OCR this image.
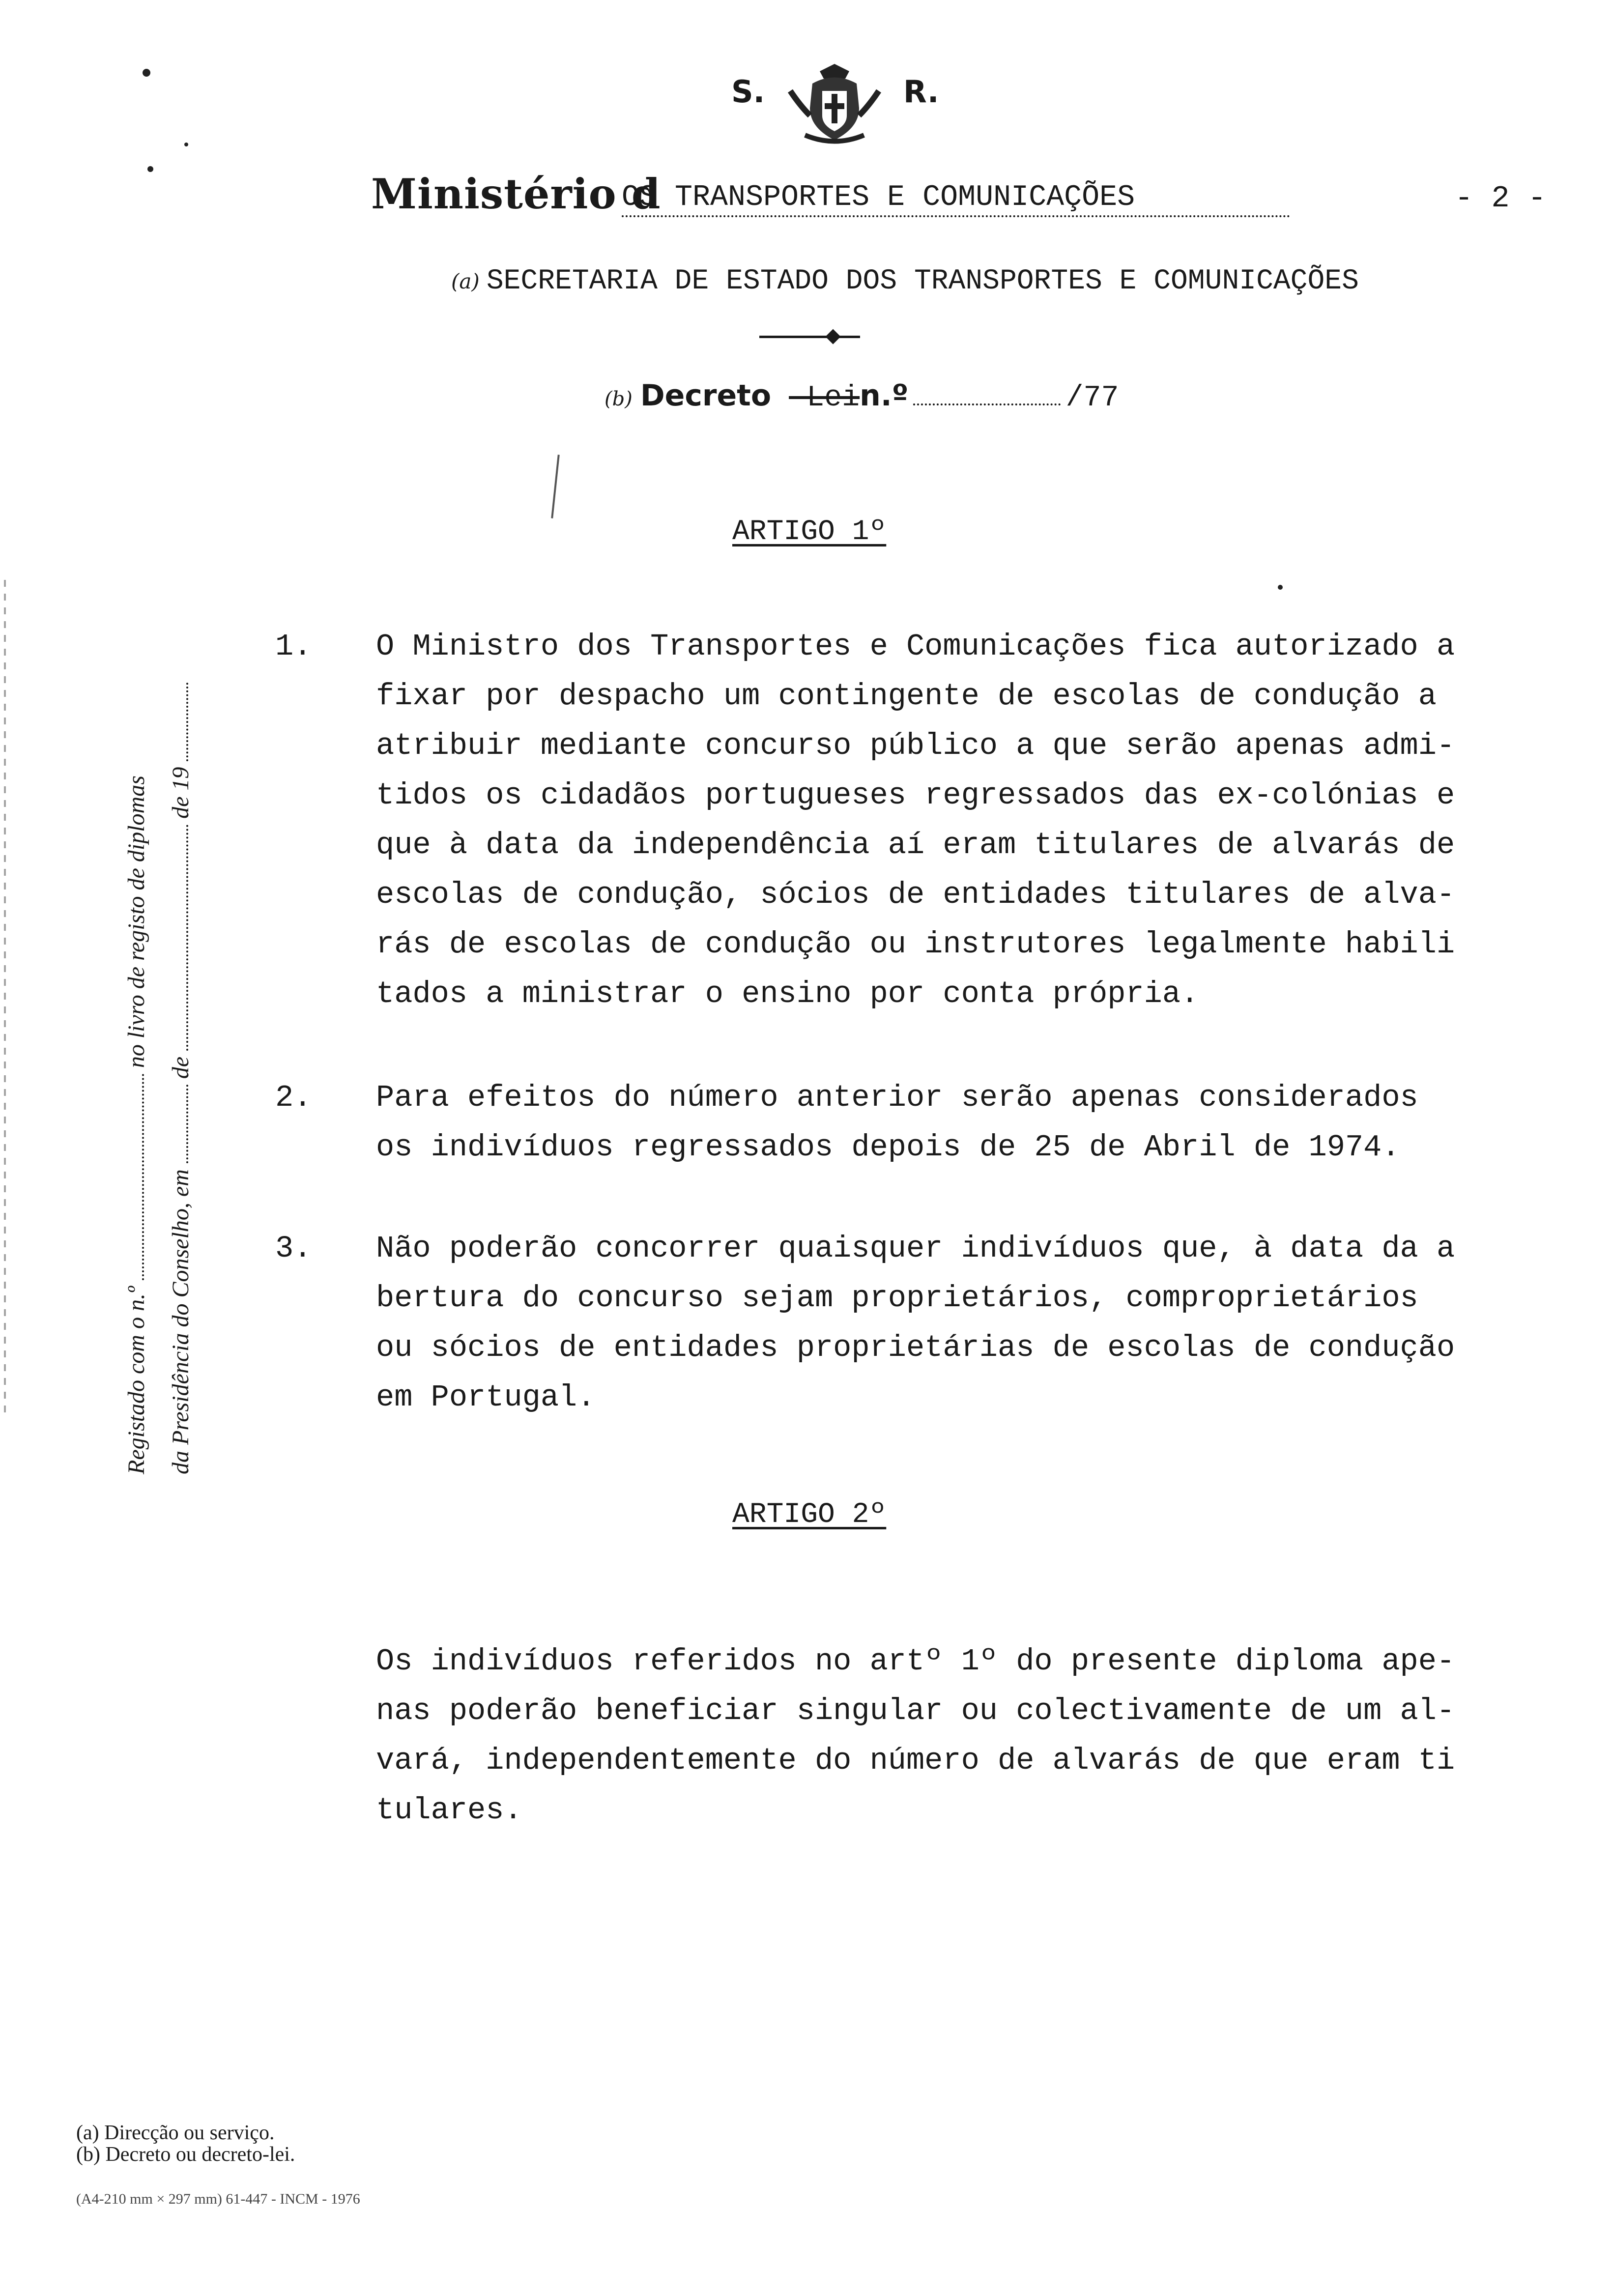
S.	R.
Ministério d
OS TRANSPORTES E COMUNICAÇÕES	- 2 -
(a) SECRETARIA DE ESTADO DOS TRANSPORTES E COMUNICAÇÕES
(b) Decreto -Lein.º	/77
Registado com o n.º  no livro de registo de diplomas
da Presidência do Conselho, em  de  de 19
ARTIGO 1º
1. O Ministro dos Transportes e Comunicações fica autorizado a
fixar por despacho um contingente de escolas de condução a
atribuir mediante concurso público a que serão apenas admi-
tidos os cidadãos portugueses regressados das ex-colónias e
que à data da independência aí eram titulares de alvarás de
escolas de condução, sócios de entidades titulares de alva-
rás de escolas de condução ou instrutores legalmente habili
tados a ministrar o ensino por conta própria.
2. Para efeitos do número anterior serão apenas considerados
os indivíduos regressados depois de 25 de Abril de 1974.
3. Não poderão concorrer quaisquer indivíduos que, à data da a
bertura do concurso sejam proprietários, comproprietários
ou sócios de entidades proprietárias de escolas de condução
em Portugal.
ARTIGO 2º
Os indivíduos referidos no artº 1º do presente diploma ape-
nas poderão beneficiar singular ou colectivamente de um al-
vará, independentemente do número de alvarás de que eram ti
tulares.
(a) Direcção ou serviço.
(b) Decreto ou decreto-lei.
(A4-210 mm × 297 mm) 61-447 - INCM - 1976
